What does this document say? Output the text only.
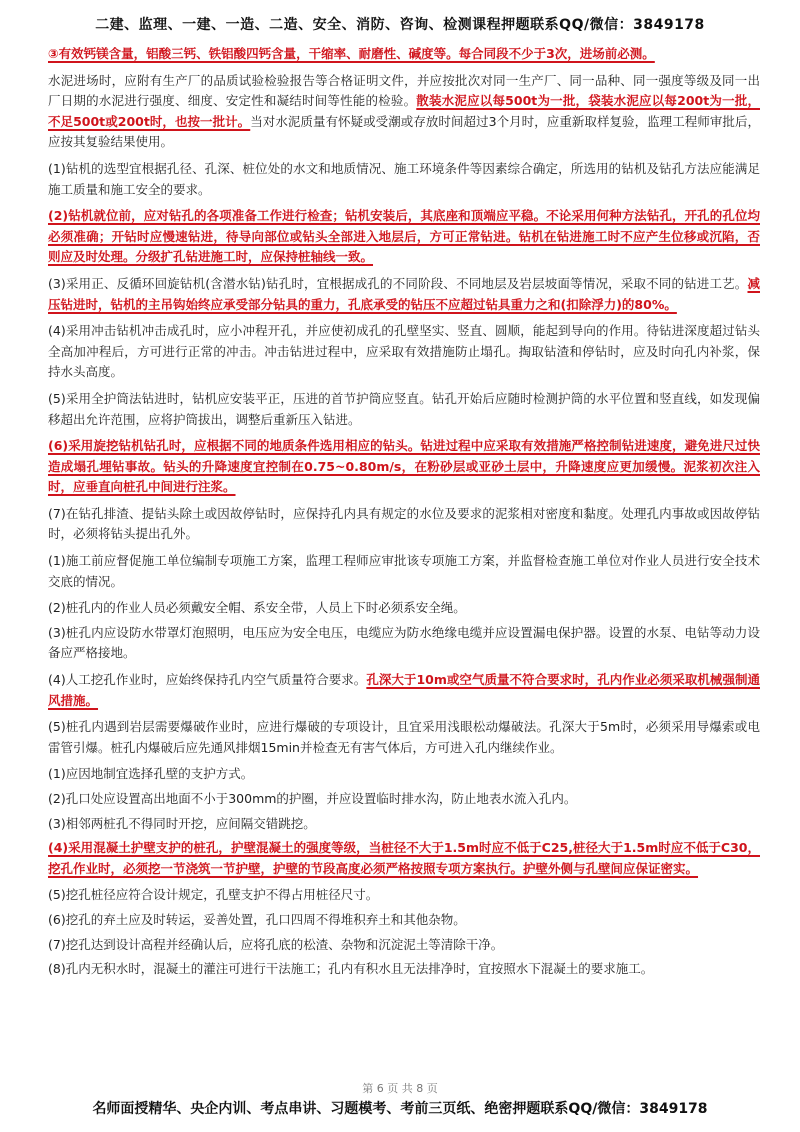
二建、监理、一建、一造、二造、安全、消防、咨询、检测课程押题联系QQ/微信：3849178

③有效钙镁含量，铝酸三钙、铁铝酸四钙含量，干缩率、耐磨性、碱度等。每合同段不少于3次，进场前必测。

水泥进场时，应附有生产厂的品质试验检验报告等合格证明文件，并应按批次对同一生产厂、同一品种、同一强度等级及同一出厂日期的水泥进行强度、细度、安定性和凝结时间等性能的检验。散装水泥应以每500t为一批，袋装水泥应以每200t为一批，不足500t或200t时，也按一批计。当对水泥质量有怀疑或受潮或存放时间超过3个月时，应重新取样复验，监理工程师审批后，应按其复验结果使用。

(1)钻机的选型宜根据孔径、孔深、桩位处的水文和地质情况、施工环境条件等因素综合确定，所选用的钻机及钻孔方法应能满足施工质量和施工安全的要求。

(2)钻机就位前，应对钻孔的各项准备工作进行检查；钻机安装后，其底座和顶端应平稳。不论采用何种方法钻孔，开孔的孔位均必须准确；开钻时应慢速钻进，待导向部位或钻头全部进入地层后，方可正常钻进。钻机在钻进施工时不应产生位移或沉陷，否则应及时处理。分级扩孔钻进施工时，应保持桩轴线一致。

(3)采用正、反循环回旋钻机(含潜水钻)钻孔时，宜根据成孔的不同阶段、不同地层及岩层坡面等情况，采取不同的钻进工艺。减压钻进时，钻机的主吊钩始终应承受部分钻具的重力，孔底承受的钻压不应超过钻具重力之和(扣除浮力)的80%。

(4)采用冲击钻机冲击成孔时，应小冲程开孔，并应使初成孔的孔壁坚实、竖直、圆顺，能起到导向的作用。待钻进深度超过钻头全高加冲程后，方可进行正常的冲击。冲击钻进过程中，应采取有效措施防止塌孔。掏取钻渣和停钻时，应及时向孔内补浆，保持水头高度。

(5)采用全护筒法钻进时，钻机应安装平正，压进的首节护筒应竖直。钻孔开始后应随时检测护筒的水平位置和竖直线，如发现偏移超出允许范围，应将护筒拔出，调整后重新压入钻进。

(6)采用旋挖钻机钻孔时，应根据不同的地质条件选用相应的钻头。钻进过程中应采取有效措施严格控制钻进速度，避免进尺过快造成塌孔埋钻事故。钻头的升降速度宜控制在0.75~0.80m/s，在粉砂层或亚砂土层中，升降速度应更加缓慢。泥浆初次注入时，应垂直向桩孔中间进行注浆。

(7)在钻孔排渣、提钻头除土或因故停钻时，应保持孔内具有规定的水位及要求的泥浆相对密度和黏度。处理孔内事故或因故停钻时，必须将钻头提出孔外。

(1)施工前应督促施工单位编制专项施工方案，监理工程师应审批该专项施工方案，并监督检查施工单位对作业人员进行安全技术交底的情况。

(2)桩孔内的作业人员必须戴安全帽、系安全带，人员上下时必须系安全绳。

(3)桩孔内应设防水带罩灯泡照明，电压应为安全电压，电缆应为防水绝缘电缆并应设置漏电保护器。设置的水泵、电钻等动力设备应严格接地。

(4)人工挖孔作业时，应始终保持孔内空气质量符合要求。孔深大于10m或空气质量不符合要求时，孔内作业必须采取机械强制通风措施。

(5)桩孔内遇到岩层需要爆破作业时，应进行爆破的专项设计，且宜采用浅眼松动爆破法。孔深大于5m时，必须采用导爆索或电雷管引爆。桩孔内爆破后应先通风排烟15min并检查无有害气体后，方可进入孔内继续作业。

(1)应因地制宜选择孔壁的支护方式。

(2)孔口处应设置高出地面不小于300mm的护圈，并应设置临时排水沟，防止地表水流入孔内。

(3)相邻两桩孔不得同时开挖，应间隔交错跳挖。

(4)采用混凝土护壁支护的桩孔，护壁混凝土的强度等级，当桩径不大于1.5m时应不低于C25,桩径大于1.5m时应不低于C30，挖孔作业时，必须挖一节浇筑一节护壁，护壁的节段高度必须严格按照专项方案执行。护壁外侧与孔壁间应保证密实。

(5)挖孔桩径应符合设计规定，孔壁支护不得占用桩径尺寸。

(6)挖孔的弃土应及时转运，妥善处置，孔口四周不得堆积弃土和其他杂物。

(7)挖孔达到设计高程并经确认后，应将孔底的松渣、杂物和沉淀泥土等清除干净。

(8)孔内无积水时，混凝土的灌注可进行干法施工；孔内有积水且无法排净时，宜按照水下混凝土的要求施工。

第 6 页 共 8 页
名师面授精华、央企内训、考点串讲、习题模考、考前三页纸、绝密押题联系QQ/微信：3849178
